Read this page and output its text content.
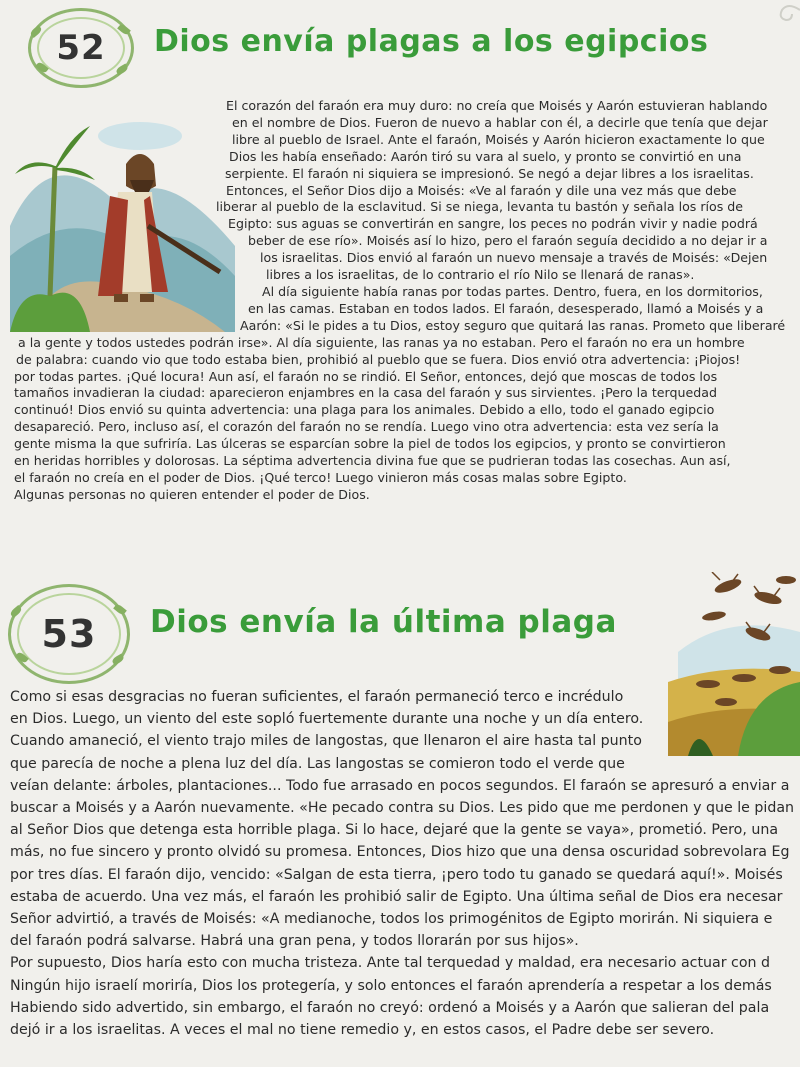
52 Dios envía plagas a los egipcios
El corazón del faraón era muy duro: no creía que Moisés y Aarón estuvieran hablando
en el nombre de Dios. Fueron de nuevo a hablar con él, a decirle que tenía que dejar
libre al pueblo de Israel. Ante el faraón, Moisés y Aarón hicieron exactamente lo que
Dios les había enseñado: Aarón tiró su vara al suelo, y pronto se convirtió en una
serpiente. El faraón ni siquiera se impresionó. Se negó a dejar libres a los israelitas.
Entonces, el Señor Dios dijo a Moisés: «Ve al faraón y dile una vez más que debe
liberar al pueblo de la esclavitud. Si se niega, levanta tu bastón y señala los ríos de
Egipto: sus aguas se convertirán en sangre, los peces no podrán vivir y nadie podrá
beber de ese río». Moisés así lo hizo, pero el faraón seguía decidido a no dejar ir a
los israelitas. Dios envió al faraón un nuevo mensaje a través de Moisés: «Dejen
libres a los israelitas, de lo contrario el río Nilo se llenará de ranas».
Al día siguiente había ranas por todas partes. Dentro, fuera, en los dormitorios,
en las camas. Estaban en todos lados. El faraón, desesperado, llamó a Moisés y a
Aarón: «Si le pides a tu Dios, estoy seguro que quitará las ranas. Prometo que liberaré
a la gente y todos ustedes podrán irse». Al día siguiente, las ranas ya no estaban. Pero el faraón no era un hombre
de palabra: cuando vio que todo estaba bien, prohibió al pueblo que se fuera. Dios envió otra advertencia: ¡Piojos!
por todas partes. ¡Qué locura! Aun así, el faraón no se rindió. El Señor, entonces, dejó que moscas de todos los
tamaños invadieran la ciudad: aparecieron enjambres en la casa del faraón y sus sirvientes. ¡Pero la terquedad
continuó! Dios envió su quinta advertencia: una plaga para los animales. Debido a ello, todo el ganado egipcio
desapareció. Pero, incluso así, el corazón del faraón no se rendía. Luego vino otra advertencia: esta vez sería la
gente misma la que sufriría. Las úlceras se esparcían sobre la piel de todos los egipcios, y pronto se convirtieron
en heridas horribles y dolorosas. La séptima advertencia divina fue que se pudrieran todas las cosechas. Aun así,
el faraón no creía en el poder de Dios. ¡Qué terco! Luego vinieron más cosas malas sobre Egipto.
Algunas personas no quieren entender el poder de Dios.
53 Dios envía la última plaga
Como si esas desgracias no fueran suficientes, el faraón permaneció terco e incrédulo
en Dios. Luego, un viento del este sopló fuertemente durante una noche y un día entero.
Cuando amaneció, el viento trajo miles de langostas, que llenaron el aire hasta tal punto
que parecía de noche a plena luz del día. Las langostas se comieron todo el verde que
veían delante: árboles, plantaciones... Todo fue arrasado en pocos segundos. El faraón se apresuró a enviar a
buscar a Moisés y a Aarón nuevamente. «He pecado contra su Dios. Les pido que me perdonen y que le pidan
al Señor Dios que detenga esta horrible plaga. Si lo hace, dejaré que la gente se vaya», prometió. Pero, una
más, no fue sincero y pronto olvidó su promesa. Entonces, Dios hizo que una densa oscuridad sobrevolara Eg
por tres días. El faraón dijo, vencido: «Salgan de esta tierra, ¡pero todo tu ganado se quedará aquí!». Moisés
estaba de acuerdo. Una vez más, el faraón les prohibió salir de Egipto. Una última señal de Dios era necesar
Señor advirtió, a través de Moisés: «A medianoche, todos los primogénitos de Egipto morirán. Ni siquiera e
del faraón podrá salvarse. Habrá una gran pena, y todos llorarán por sus hijos».
Por supuesto, Dios haría esto con mucha tristeza. Ante tal terquedad y maldad, era necesario actuar con d
Ningún hijo israelí moriría, Dios los protegería, y solo entonces el faraón aprendería a respetar a los demás
Habiendo sido advertido, sin embargo, el faraón no creyó: ordenó a Moisés y a Aarón que salieran del pala
dejó ir a los israelitas. A veces el mal no tiene remedio y, en estos casos, el Padre debe ser severo.
